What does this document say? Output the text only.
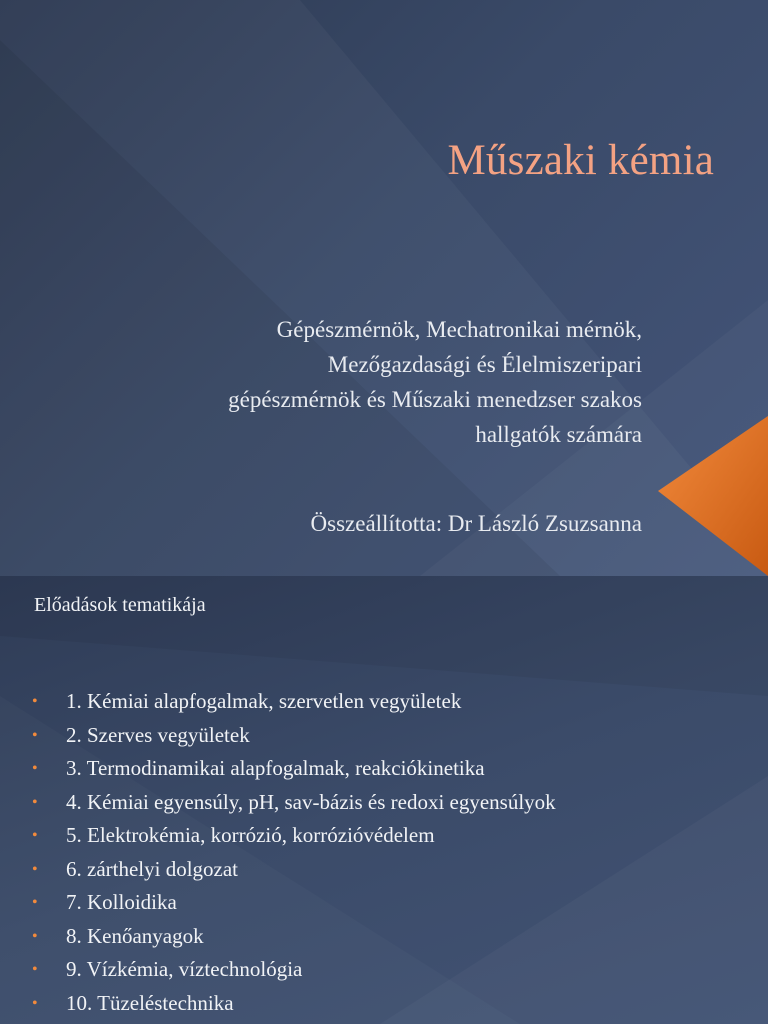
Műszaki kémia

Gépészmérnök, Mechatronikai mérnök,
Mezőgazdasági és Élelmiszeripari
gépészmérnök és Műszaki menedzser szakos
hallgatók számára

Összeállította: Dr László Zsuzsanna

Előadások tematikája
• 1. Kémiai alapfogalmak, szervetlen vegyületek
• 2. Szerves vegyületek
• 3. Termodinamikai alapfogalmak, reakciókinetika
• 4. Kémiai egyensúly, pH, sav-bázis és redoxi egyensúlyok
• 5. Elektrokémia, korrózió, korrózióvédelem
• 6. zárthelyi dolgozat
• 7. Kolloidika
• 8. Kenőanyagok
• 9. Vízkémia, víztechnológia
• 10. Tüzeléstechnika
